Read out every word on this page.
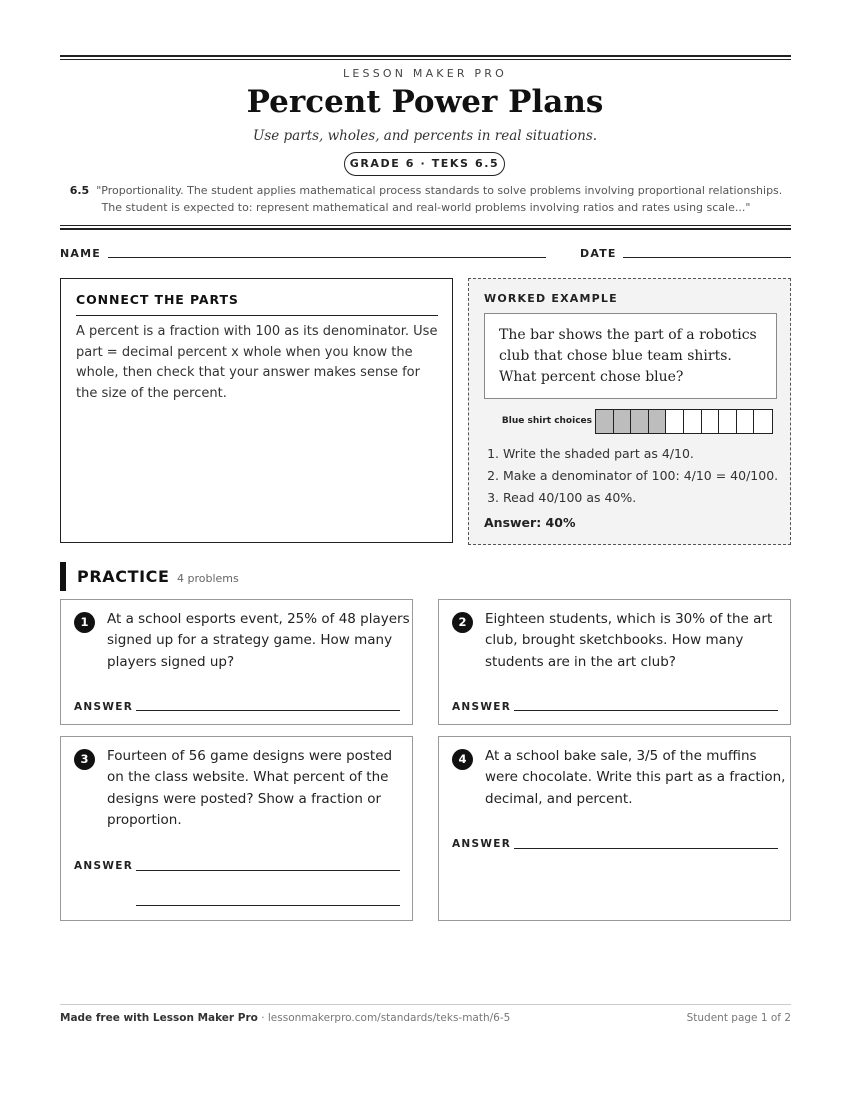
LESSON MAKER PRO
Percent Power Plans
Use parts, wholes, and percents in real situations.
GRADE 6 · TEKS 6.5
6.5 "Proportionality. The student applies mathematical process standards to solve problems involving proportional relationships. The student is expected to: represent mathematical and real-world problems involving ratios and rates using scale..."
NAME	DATE
CONNECT THE PARTS
A percent is a fraction with 100 as its denominator. Use part = decimal percent x whole when you know the whole, then check that your answer makes sense for the size of the percent.
WORKED EXAMPLE
The bar shows the part of a robotics club that chose blue team shirts. What percent chose blue?
Blue shirt choices
1. Write the shaded part as 4/10.
2. Make a denominator of 100: 4/10 = 40/100.
3. Read 40/100 as 40%.
Answer: 40%
PRACTICE 4 problems
1	At a school esports event, 25% of 48 players signed up for a strategy game. How many players signed up?
ANSWER
2	Eighteen students, which is 30% of the art club, brought sketchbooks. How many students are in the art club?
ANSWER
3	Fourteen of 56 game designs were posted on the class website. What percent of the designs were posted? Show a fraction or proportion.
ANSWER
4	At a school bake sale, 3/5 of the muffins were chocolate. Write this part as a fraction, decimal, and percent.
ANSWER
Made free with Lesson Maker Pro · lessonmakerpro.com/standards/teks-math/6-5	Student page 1 of 2
